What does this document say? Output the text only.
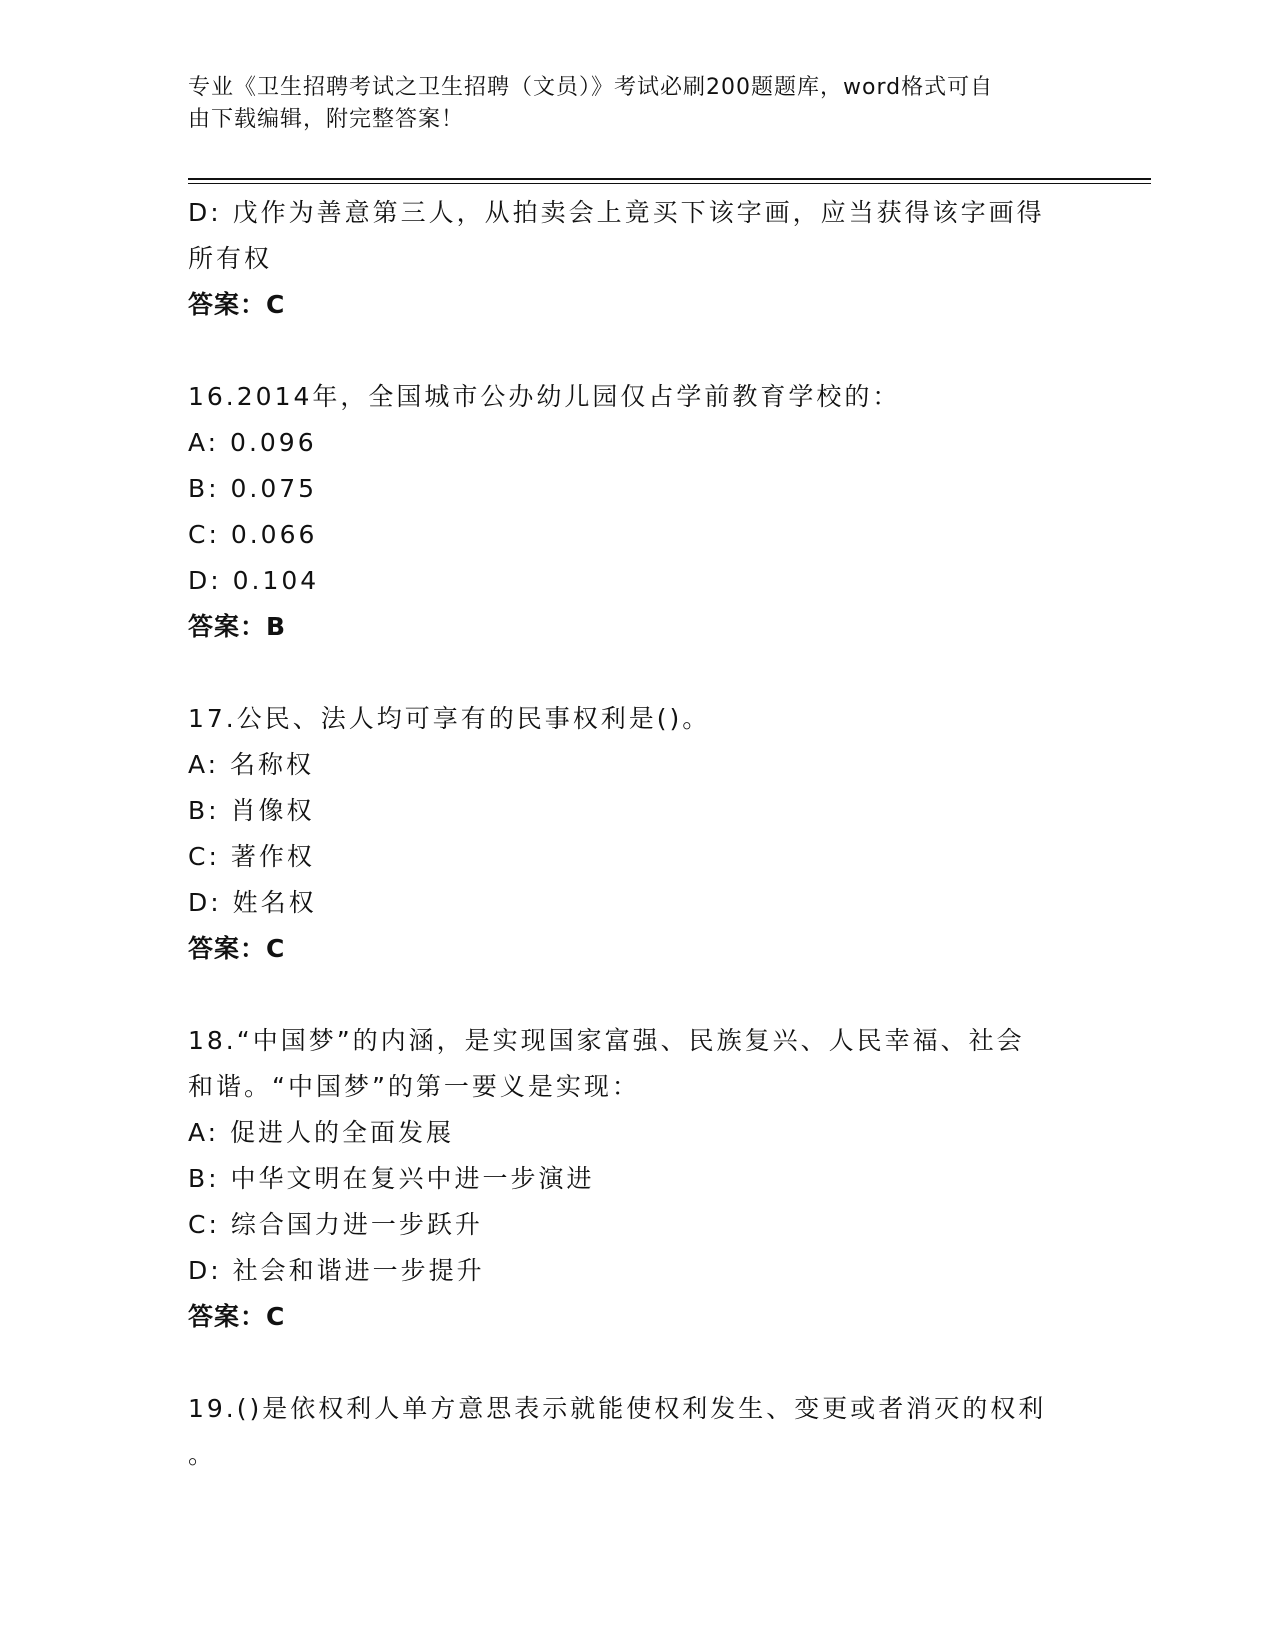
专业《卫生招聘考试之卫生招聘（文员）》考试必刷200题题库，word格式可自
由下载编辑，附完整答案！
D: 戊作为善意第三人，从拍卖会上竟买下该字画，应当获得该字画得
所有权
答案：C
16.2014年，全国城市公办幼儿园仅占学前教育学校的：
A: 0.096
B: 0.075
C: 0.066
D: 0.104
答案：B
17.公民、法人均可享有的民事权利是()。
A: 名称权
B: 肖像权
C: 著作权
D: 姓名权
答案：C
18.“中国梦”的内涵，是实现国家富强、民族复兴、人民幸福、社会
和谐。“中国梦”的第一要义是实现：
A: 促进人的全面发展
B: 中华文明在复兴中进一步演进
C: 综合国力进一步跃升
D: 社会和谐进一步提升
答案：C
19.()是依权利人单方意思表示就能使权利发生、变更或者消灭的权利
。
